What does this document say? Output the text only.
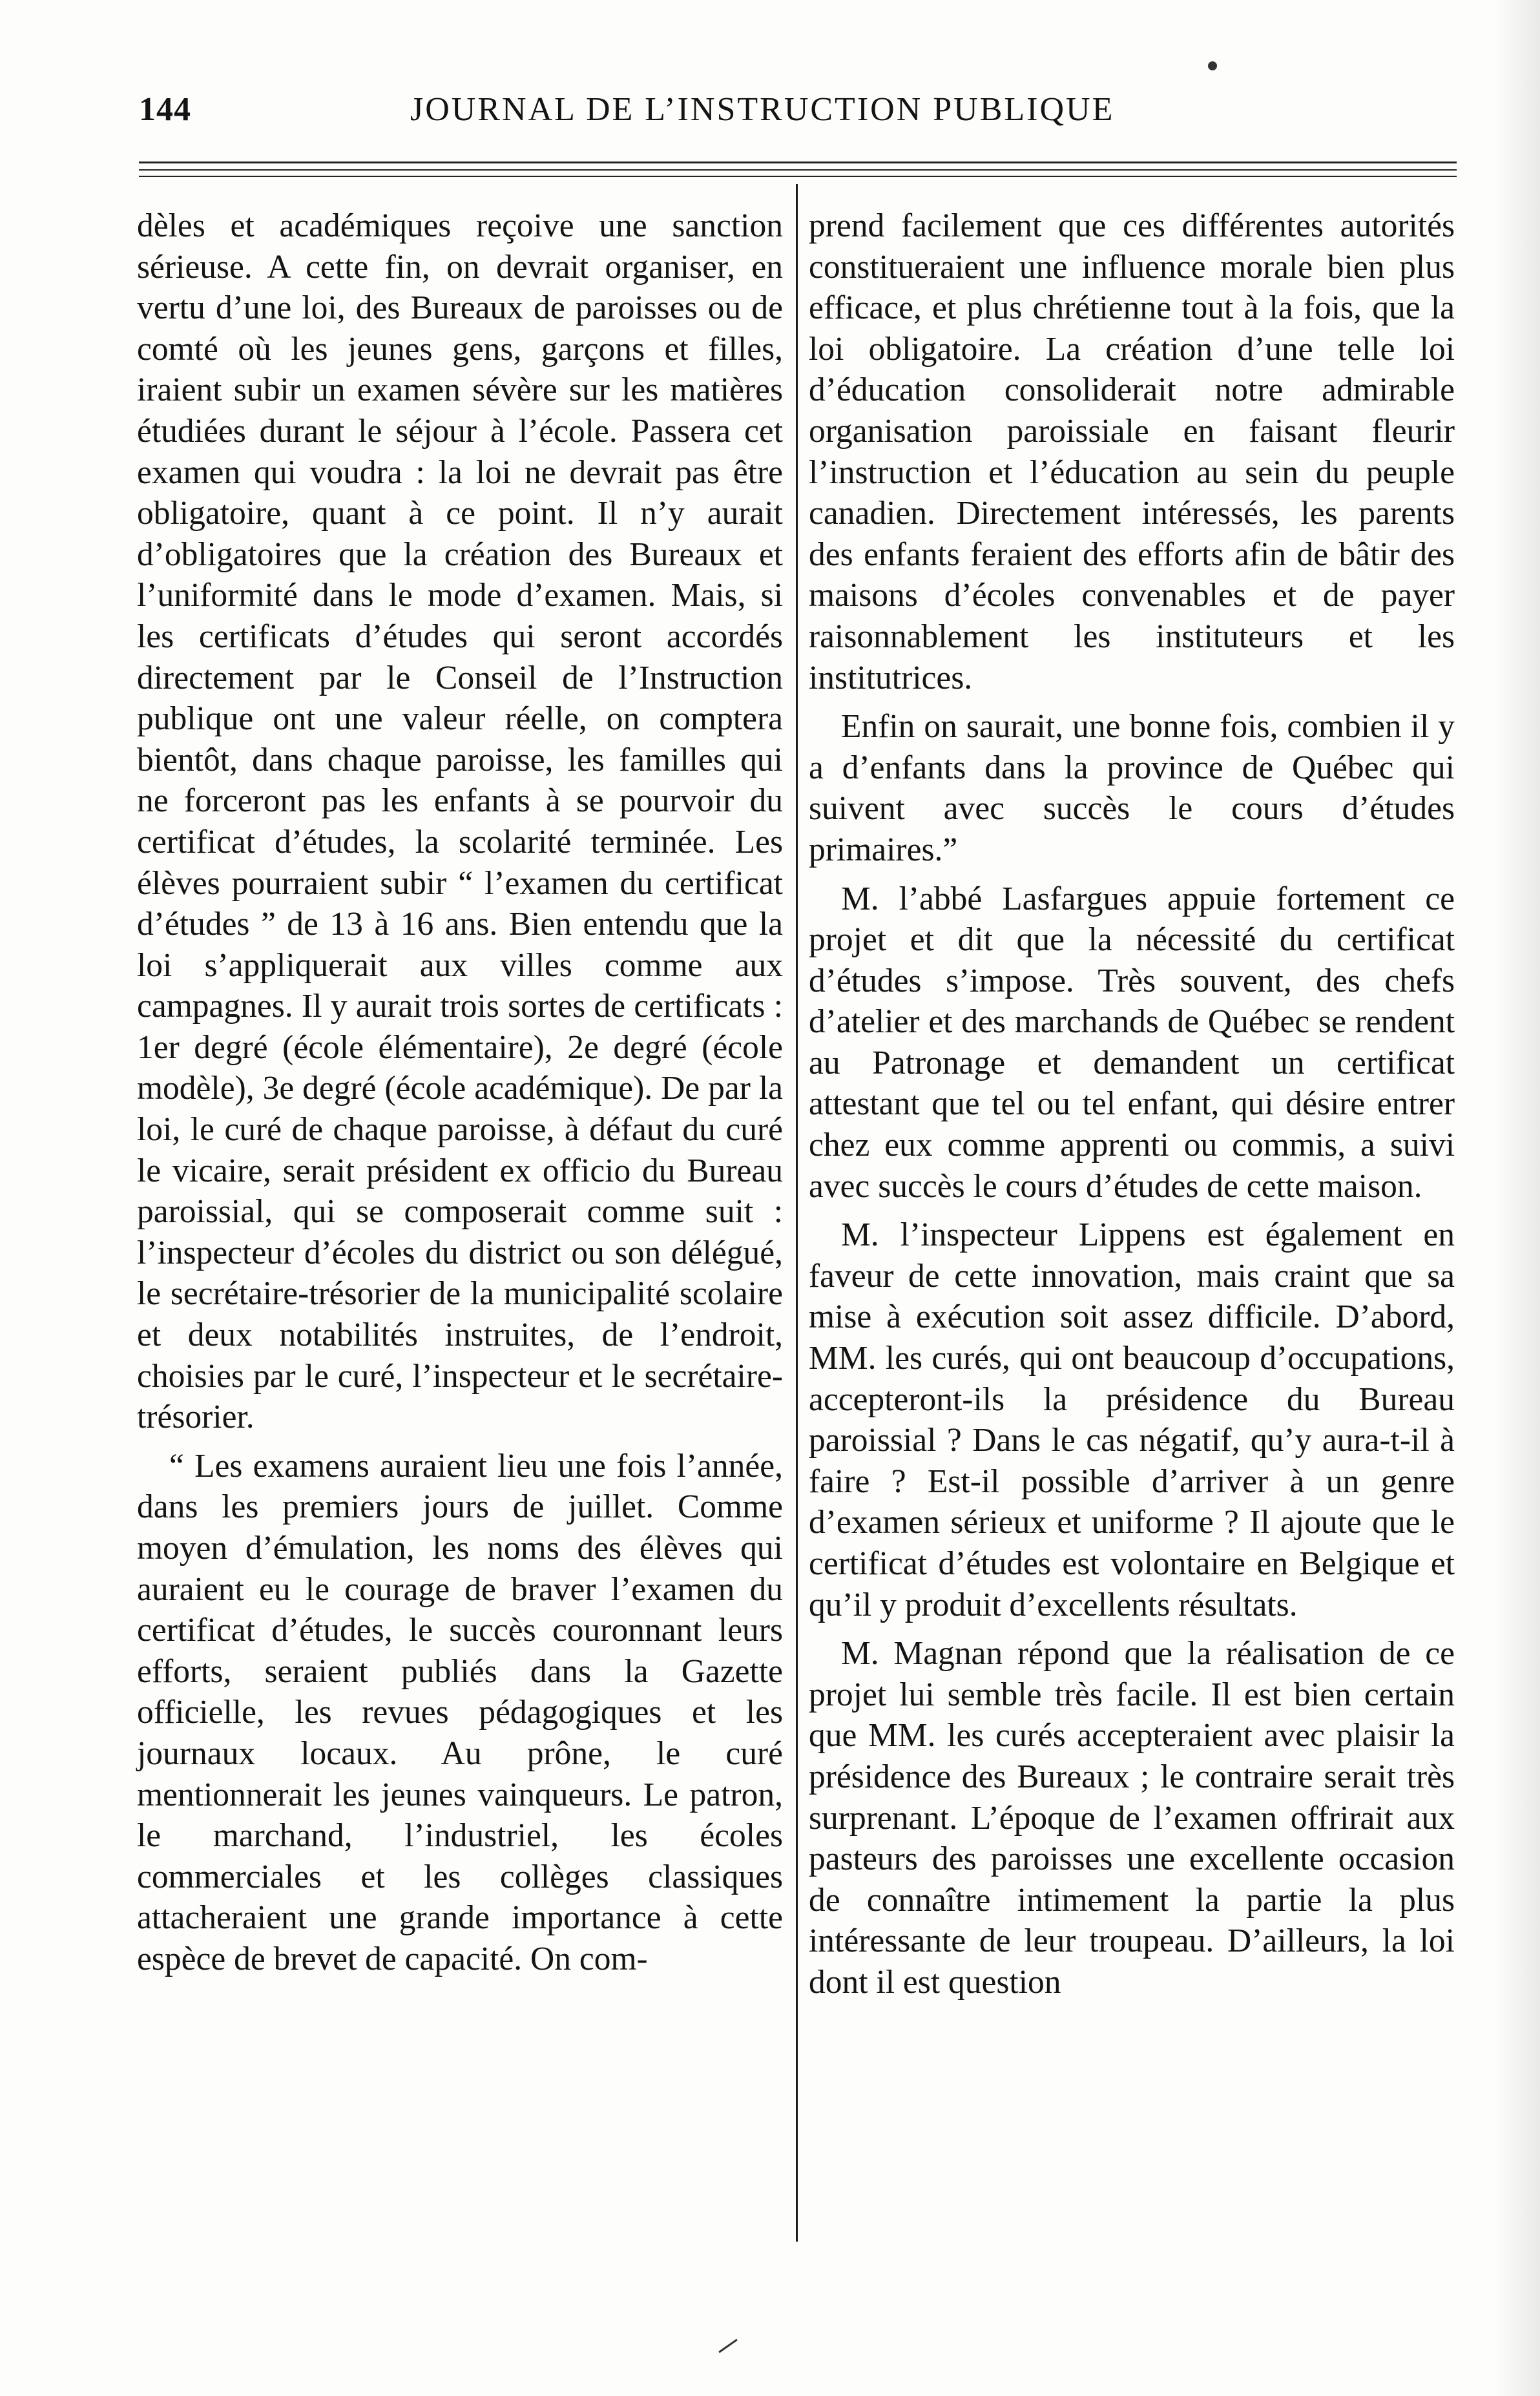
144	JOURNAL DE L’INSTRUCTION PUBLIQUE

dèles et académiques reçoive une sanction sérieuse. A cette fin, on devrait organiser, en vertu d’une loi, des Bureaux de paroisses ou de comté où les jeunes gens, garçons et filles, iraient subir un examen sévère sur les matières étudiées durant le séjour à l’école. Passera cet examen qui voudra : la loi ne devrait pas être obligatoire, quant à ce point. Il n’y aurait d’obligatoires que la création des Bureaux et l’uniformité dans le mode d’examen. Mais, si les certificats d’études qui seront accordés directement par le Conseil de l’Instruction publique ont une valeur réelle, on comptera bientôt, dans chaque paroisse, les familles qui ne forceront pas les enfants à se pourvoir du certificat d’études, la scolarité terminée. Les élèves pourraient subir “ l’examen du certificat d’études ” de 13 à 16 ans. Bien entendu que la loi s’appliquerait aux villes comme aux campagnes. Il y aurait trois sortes de certificats : 1er degré (école élémentaire), 2e degré (école modèle), 3e degré (école académique). De par la loi, le curé de chaque paroisse, à défaut du curé le vicaire, serait président ex officio du Bureau paroissial, qui se composerait comme suit : l’inspecteur d’écoles du district ou son délégué, le secrétaire-trésorier de la municipalité scolaire et deux notabilités instruites, de l’endroit, choisies par le curé, l’inspecteur et le secrétaire-trésorier.

“ Les examens auraient lieu une fois l’année, dans les premiers jours de juillet. Comme moyen d’émulation, les noms des élèves qui auraient eu le courage de braver l’examen du certificat d’études, le succès couronnant leurs efforts, seraient publiés dans la Gazette officielle, les revues pédagogiques et les journaux locaux. Au prône, le curé mentionnerait les jeunes vainqueurs. Le patron, le marchand, l’industriel, les écoles commerciales et les collèges classiques attacheraient une grande importance à cette espèce de brevet de capacité. On com-

prend facilement que ces différentes autorités constitueraient une influence morale bien plus efficace, et plus chrétienne tout à la fois, que la loi obligatoire. La création d’une telle loi d’éducation consoliderait notre admirable organisation paroissiale en faisant fleurir l’instruction et l’éducation au sein du peuple canadien. Directement intéressés, les parents des enfants feraient des efforts afin de bâtir des maisons d’écoles convenables et de payer raisonnablement les instituteurs et les institutrices.

Enfin on saurait, une bonne fois, combien il y a d’enfants dans la province de Québec qui suivent avec succès le cours d’études primaires.”

M. l’abbé Lasfargues appuie fortement ce projet et dit que la nécessité du certificat d’études s’impose. Très souvent, des chefs d’atelier et des marchands de Québec se rendent au Patronage et demandent un certificat attestant que tel ou tel enfant, qui désire entrer chez eux comme apprenti ou commis, a suivi avec succès le cours d’études de cette maison.

M. l’inspecteur Lippens est également en faveur de cette innovation, mais craint que sa mise à exécution soit assez difficile. D’abord, MM. les curés, qui ont beaucoup d’occupations, accepteront-ils la présidence du Bureau paroissial ? Dans le cas négatif, qu’y aura-t-il à faire ? Est-il possible d’arriver à un genre d’examen sérieux et uniforme ? Il ajoute que le certificat d’études est volontaire en Belgique et qu’il y produit d’excellents résultats.

M. Magnan répond que la réalisation de ce projet lui semble très facile. Il est bien certain que MM. les curés accepteraient avec plaisir la présidence des Bureaux ; le contraire serait très surprenant. L’époque de l’examen offrirait aux pasteurs des paroisses une excellente occasion de connaître intimement la partie la plus intéressante de leur troupeau. D’ailleurs, la loi dont il est question
